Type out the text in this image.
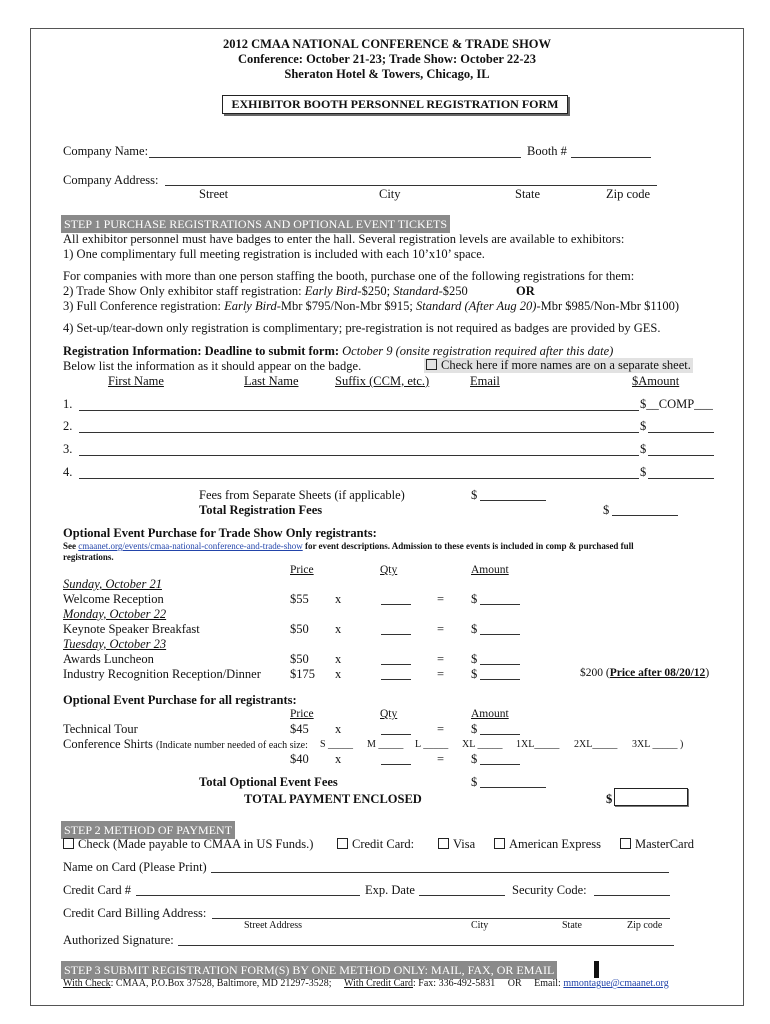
2012 CMAA NATIONAL CONFERENCE & TRADE SHOW
Conference: October 21-23; Trade Show: October 22-23
Sheraton Hotel & Towers, Chicago, IL
EXHIBITOR BOOTH PERSONNEL REGISTRATION FORM
Company Name:	Booth #
Company Address:
Street	City	State	Zip code
STEP 1 PURCHASE REGISTRATIONS AND OPTIONAL EVENT TICKETS
All exhibitor personnel must have badges to enter the hall. Several registration levels are available to exhibitors:
1) One complimentary full meeting registration is included with each 10’x10’ space.
For companies with more than one person staffing the booth, purchase one of the following registrations for them:
2) Trade Show Only exhibitor staff registration: Early Bird-$250; Standard-$250	OR
3) Full Conference registration: Early Bird-Mbr $795/Non-Mbr $915; Standard (After Aug 20)-Mbr $985/Non-Mbr $1100)
4) Set-up/tear-down only registration is complimentary; pre-registration is not required as badges are provided by GES.
Registration Information: Deadline to submit form: October 9 (onsite registration required after this date)
Below list the information as it should appear on the badge.	Check here if more names are on a separate sheet.
First Name	Last Name	Suffix (CCM, etc.)	Email	$Amount
1.	$__COMP___
2.	$
3.	$
4.	$
Fees from Separate Sheets (if applicable)	$
Total Registration Fees	$
Optional Event Purchase for Trade Show Only registrants:
See cmaanet.org/events/cmaa-national-conference-and-trade-show for event descriptions. Admission to these events is included in comp & purchased full
registrations.
Price	Qty	Amount
Sunday, October 21
Welcome Reception	$55 x	= $
Monday, October 22
Keynote Speaker Breakfast	$50 x	= $
Tuesday, October 23
Awards Luncheon	$50 x	= $
Industry Recognition Reception/Dinner $175 x	= $	$200 (Price after 08/20/12)
Optional Event Purchase for all registrants:
Price	Qty	Amount
Technical Tour	$45 x	= $
Conference Shirts (Indicate number needed of each size: S _____ M _____ L _____ XL _____ 1XL_____ 2XL_____ 3XL _____ )
$40 x	= $
Total Optional Event Fees	$
TOTAL PAYMENT ENCLOSED	$
STEP 2 METHOD OF PAYMENT
Check (Made payable to CMAA in US Funds.)	Credit Card:	Visa	American Express	MasterCard
Name on Card (Please Print)
Credit Card #	Exp. Date	Security Code:
Credit Card Billing Address:
Street Address	City	State	Zip code
Authorized Signature:
STEP 3 SUBMIT REGISTRATION FORM(S) BY ONE METHOD ONLY: MAIL, FAX, OR EMAIL
With Check: CMAA, P.O.Box 37528, Baltimore, MD 21297-3528; With Credit Card: Fax: 336-492-5831 OR Email: mmontague@cmaanet.org
